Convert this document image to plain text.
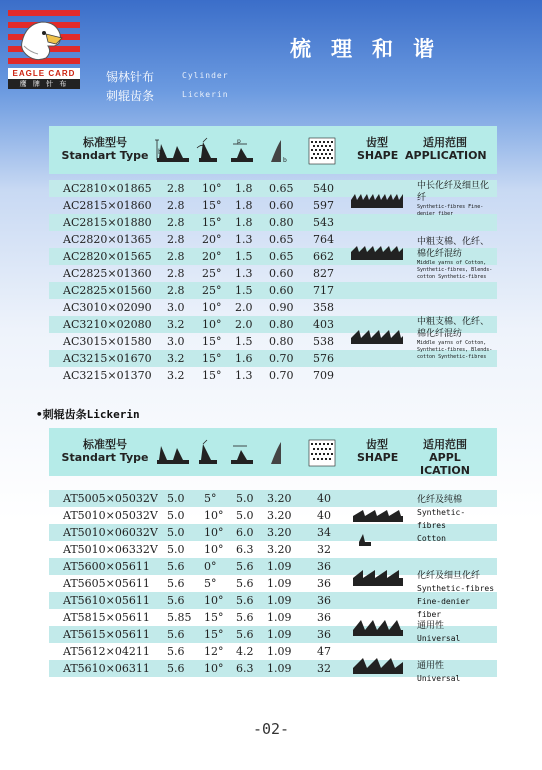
EAGLE CARD
鹰 牌 针 布
梳理和谐
锡林针布	Cylinder
刺辊齿条	Lickerin
标准型号
Standart Type	h
p
b
齿型
SHAPE
适用范围
APPLICATION
AC2810×01865 2.8 10° 1.8 0.65 540
AC2815×01860 2.8 15° 1.8 0.60 597
AC2815×01880 2.8 15° 1.8 0.80 543
AC2820×01365 2.8 20° 1.3 0.65 764
AC2820×01565 2.8 20° 1.5 0.65 662
AC2825×01360 2.8 25° 1.3 0.60 827
AC2825×01560 2.8 25° 1.5 0.60 717
AC3010×02090 3.0 10° 2.0 0.90 358
AC3210×02080 3.2 10° 2.0 0.80 403
AC3015×01580 3.0 15° 1.5 0.80 538
AC3215×01670 3.2 15° 1.6 0.70 576
AC3215×01370 3.2 15° 1.3 0.70 709
中长化纤及细旦化纤
Synthetic-fibres Fine-denier fiber
中粗支棉、化纤、棉化纤混纺
Middle yarns of Cotton, Synthetic-fibres, Blends-cotton Synthetic-fibres
中粗支棉、化纤、棉化纤混纺
Middle yarns of Cotton, Synthetic-fibres, Blends-cotton Synthetic-fibres
•刺辊齿条Lickerin
标准型号
Standart Type
齿型
SHAPE
适用范围
APPL ICATION
AT5005×05032V 5.0 5° 5.0 3.20 40
AT5010×05032V 5.0 10° 5.0 3.20 40
AT5010×06032V 5.0 10° 6.0 3.20 34
AT5010×06332V 5.0 10° 6.3 3.20 32
AT5600×05611 5.6 0° 5.6 1.09 36
AT5605×05611 5.6 5° 5.6 1.09 36
AT5610×05611 5.6 10° 5.6 1.09 36
AT5815×05611 5.85 15° 5.6 1.09 36
AT5615×05611 5.6 15° 5.6 1.09 36
AT5612×04211 5.6 12° 4.2 1.09 47
AT5610×06311 5.6 10° 6.3 1.09 32
化纤及纯棉
Synthetic-
fibres
Cotton
化纤及细旦化纤
Synthetic-fibres
Fine-denier fiber
通用性
Universal
通用性
Universal
-02-
